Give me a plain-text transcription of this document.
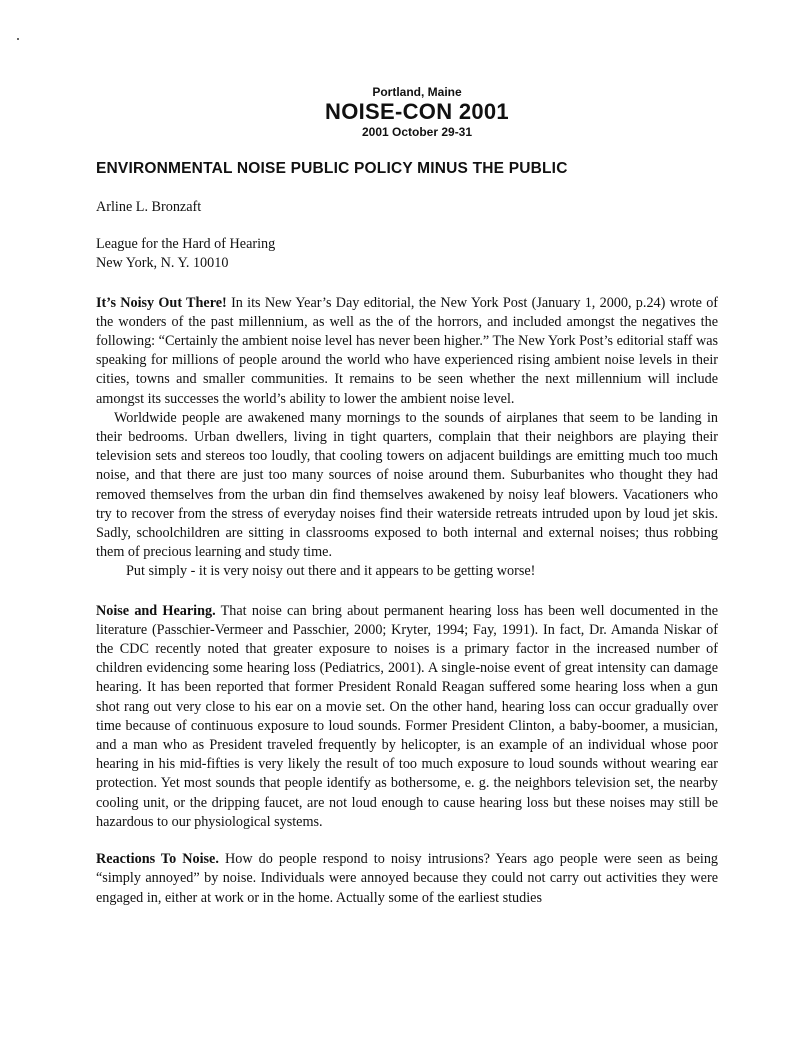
Portland, Maine
NOISE-CON 2001
2001 October 29-31
ENVIRONMENTAL NOISE PUBLIC POLICY MINUS THE PUBLIC
Arline L. Bronzaft
League for the Hard of Hearing
New York, N. Y. 10010

It’s Noisy Out There! In its New Year’s Day editorial, the New York Post (January 1, 2000, p.24) wrote of the wonders of the past millennium, as well as the of the horrors, and included amongst the negatives the following: “Certainly the ambient noise level has never been higher.” The New York Post’s editorial staff was speaking for millions of people around the world who have experienced rising ambient noise levels in their cities, towns and smaller communities. It remains to be seen whether the next millennium will include amongst its successes the world’s ability to lower the ambient noise level.

Worldwide people are awakened many mornings to the sounds of airplanes that seem to be landing in their bedrooms. Urban dwellers, living in tight quarters, complain that their neighbors are playing their television sets and stereos too loudly, that cooling towers on adjacent buildings are emitting much too much noise, and that there are just too many sources of noise around them. Suburbanites who thought they had removed themselves from the urban din find themselves awakened by noisy leaf blowers. Vacationers who try to recover from the stress of everyday noises find their waterside retreats intruded upon by loud jet skis. Sadly, schoolchildren are sitting in classrooms exposed to both internal and external noises; thus robbing them of precious learning and study time.

Put simply - it is very noisy out there and it appears to be getting worse!

Noise and Hearing. That noise can bring about permanent hearing loss has been well documented in the literature (Passchier-Vermeer and Passchier, 2000; Kryter, 1994; Fay, 1991). In fact, Dr. Amanda Niskar of the CDC recently noted that greater exposure to noises is a primary factor in the increased number of children evidencing some hearing loss (Pediatrics, 2001). A single-noise event of great intensity can damage hearing. It has been reported that former President Ronald Reagan suffered some hearing loss when a gun shot rang out very close to his ear on a movie set. On the other hand, hearing loss can occur gradually over time because of continuous exposure to loud sounds. Former President Clinton, a baby-boomer, a musician, and a man who as President traveled frequently by helicopter, is an example of an individual whose poor hearing in his mid-fifties is very likely the result of too much exposure to loud sounds without wearing ear protection. Yet most sounds that people identify as bothersome, e. g. the neighbors television set, the nearby cooling unit, or the dripping faucet, are not loud enough to cause hearing loss but these noises may still be hazardous to our physiological systems.

Reactions To Noise. How do people respond to noisy intrusions? Years ago people were seen as being “simply annoyed” by noise. Individuals were annoyed because they could not carry out activities they were engaged in, either at work or in the home. Actually some of the earliest studies
